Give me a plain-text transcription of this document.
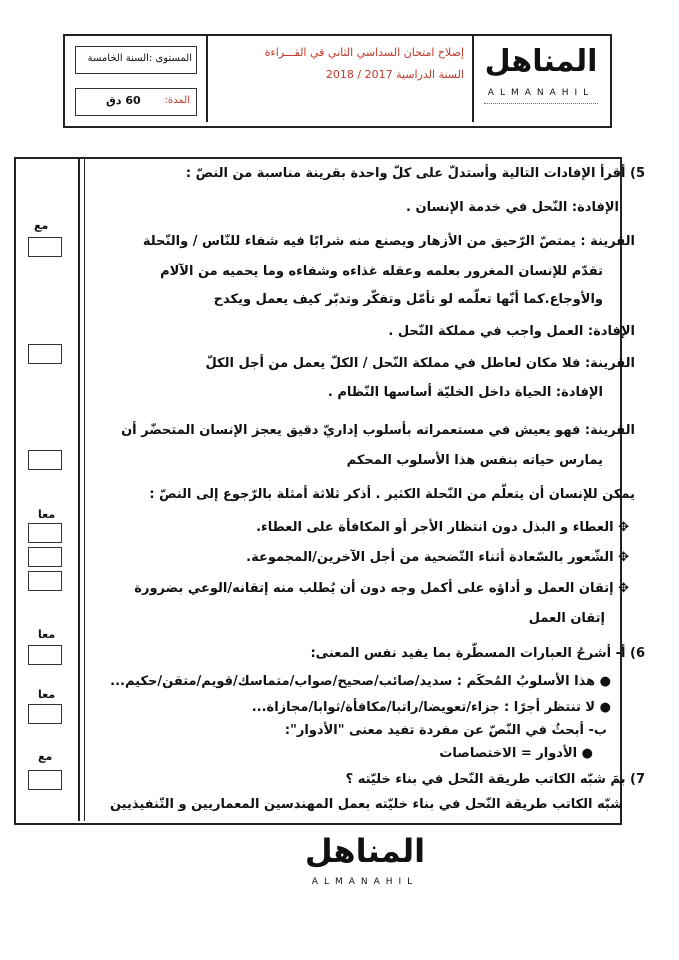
المناهل
ALMANAHIL
إصلاح امتحان السداسي الثاني في القـــراءة
السنة الدراسية 2017 / 2018
المستوى :السنة الخامسة
المدة:
60 دق
مع
معا
معا
معا
مع
5) أقرأ الإفادات التالية وأستدلّ على كلّ واحدة بقرينة مناسبة من النصّ :
الإفادة: النّحل في خدمة الإنسان .
القرينة : يمتصّ الرّحيق من الأزهار ويصنع منه شرابًا فيه شفاء للنّاس / والنّحلة
تقدّم للإنسان المغرور بعلمه وعقله غذاءه وشفاءه وما يحميه من الآلام
والأوجاع.كما أنّها تعلّمه لو تأمّل وتفكّر وتدبّر كيف يعمل ويكدح
الإفادة: العمل واجب في مملكة النّحل .
القرينة: فلا مكان لعاطل في مملكة النّحل / الكلّ يعمل من أجل الكلّ
الإفادة: الحياة داخل الخليّة أساسها النّظام .
القرينة: فهو يعيش في مستعمراته بأسلوب إداريّ دقيق يعجز الإنسان المتحضّر أن
يمارس حياته بنفس هذا الأسلوب المحكم
يمكن للإنسان أن يتعلّم من النّحلة الكثير . أذكر ثلاثة أمثلة بالرّجوع إلى النصّ :
✥ العطاء و البذل دون انتظار الأجر أو المكافأة على العطاء.
✥ الشّعور بالسّعادة أثناء التّضحية من أجل الآخرين/المجموعة.
✥ إتقان العمل و أداؤه على أكمل وجه دون أن يُطلب منه إتقانه/الوعي بضرورة
إتقان العمل
6) أ- أشرحُ العبارات المسطّرة بما يفيد نفس المعنى:
● هذا الأسلوبُ المُحكَم : سديد/صائب/صحيح/صواب/متماسك/قويم/متقن/حكيم...
● لا تنتظر أجرًا : جزاء/تعويضا/راتبا/مكافأة/ثوابا/مجازاة...
ب- أبحثُ في النّصّ عن مفردة تفيد معنى "الأدوار":
● الأدوار = الاختصاصات
7) بمَ شبّه الكاتب طريقة النّحل في بناء خليّته ؟
شبّه الكاتب طريقة النّحل في بناء خليّته بعمل المهندسين المعماريين و التّنفيذيين
المناهل
ALMANAHIL
